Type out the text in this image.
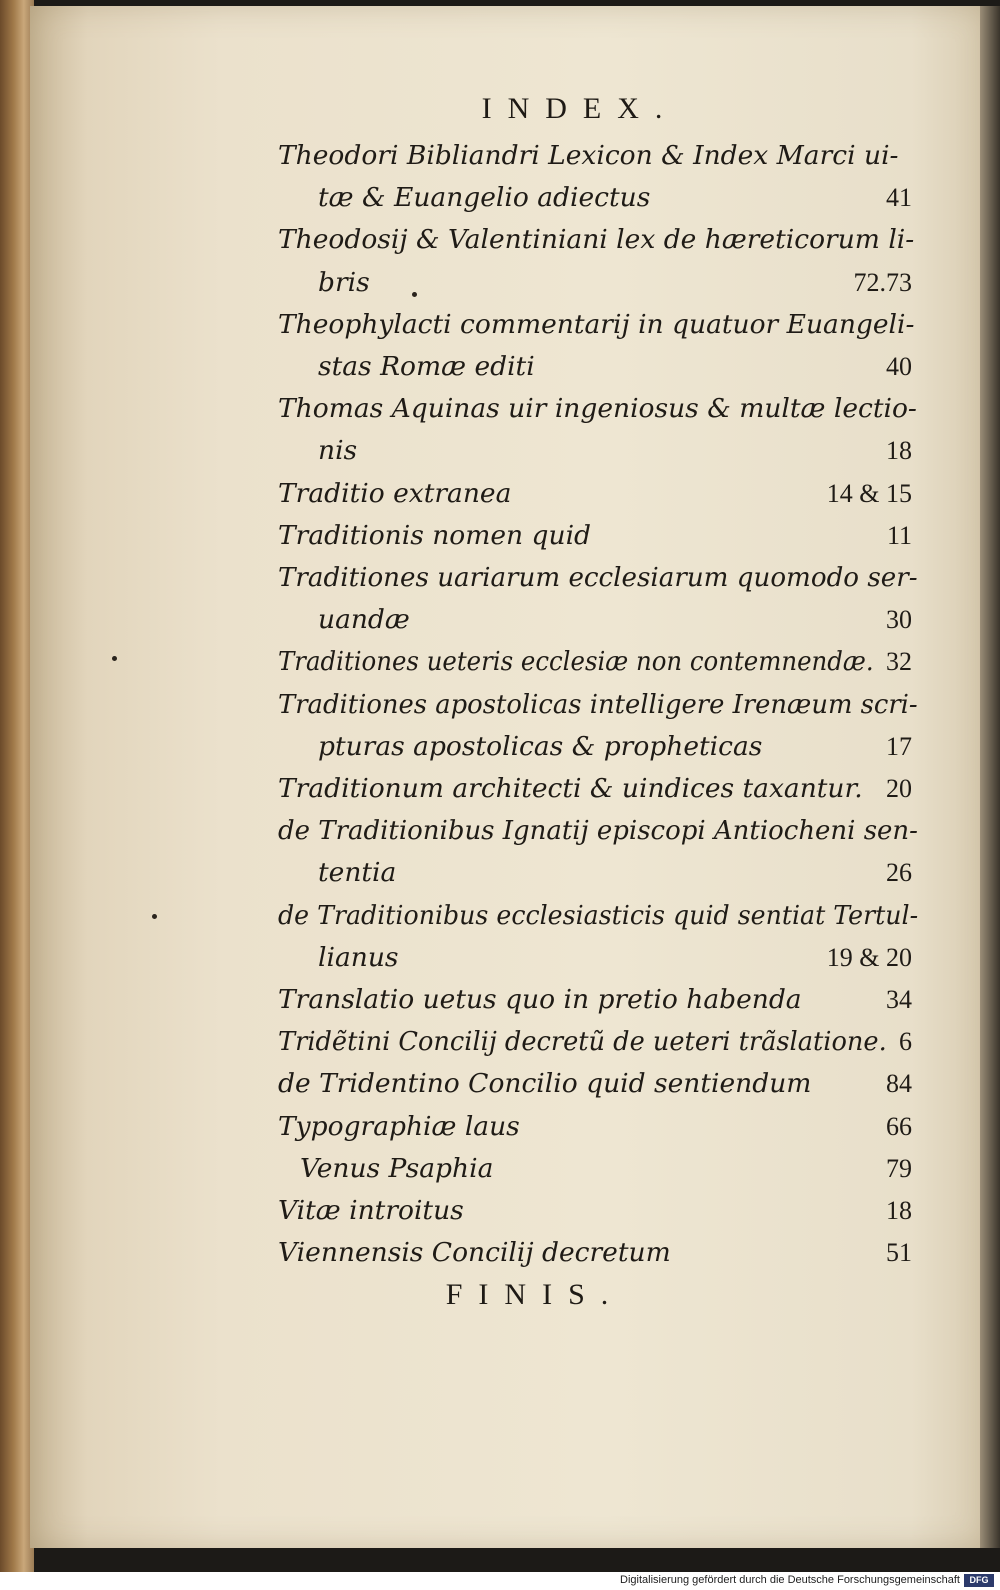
INDEX.
Theodori Bibliandri Lexicon & Index Marci ui-
tæ & Euangelio adiectus	41
Theodosij & Valentiniani lex de hæreticorum li-
bris	72.73
Theophylacti commentarij in quatuor Euangeli-
stas Romæ editi	40
Thomas Aquinas uir ingeniosus & multæ lectio-
nis	18
Traditio extranea	14 & 15
Traditionis nomen quid	11
Traditiones uariarum ecclesiarum quomodo ser-
uandæ	30
Traditiones ueteris ecclesiæ non contemnendæ. 32
Traditiones apostolicas intelligere Irenæum scri-
pturas apostolicas & propheticas	17
Traditionum architecti & uindices taxantur. 20
de Traditionibus Ignatij episcopi Antiocheni sen-
tentia	26
de Traditionibus ecclesiasticis quid sentiat Tertul-
lianus	19 & 20
Translatio uetus quo in pretio habenda	34
Tridẽtini Concilij decretũ de ueteri trãslatione. 6
de Tridentino Concilio quid sentiendum	84
Typographiæ laus	66
Venus Psaphia	79
Vitæ introitus	18
Viennensis Concilij decretum	51
FINIS.
Digitalisierung gefördert durch die Deutsche Forschungsgemeinschaft	DFG
